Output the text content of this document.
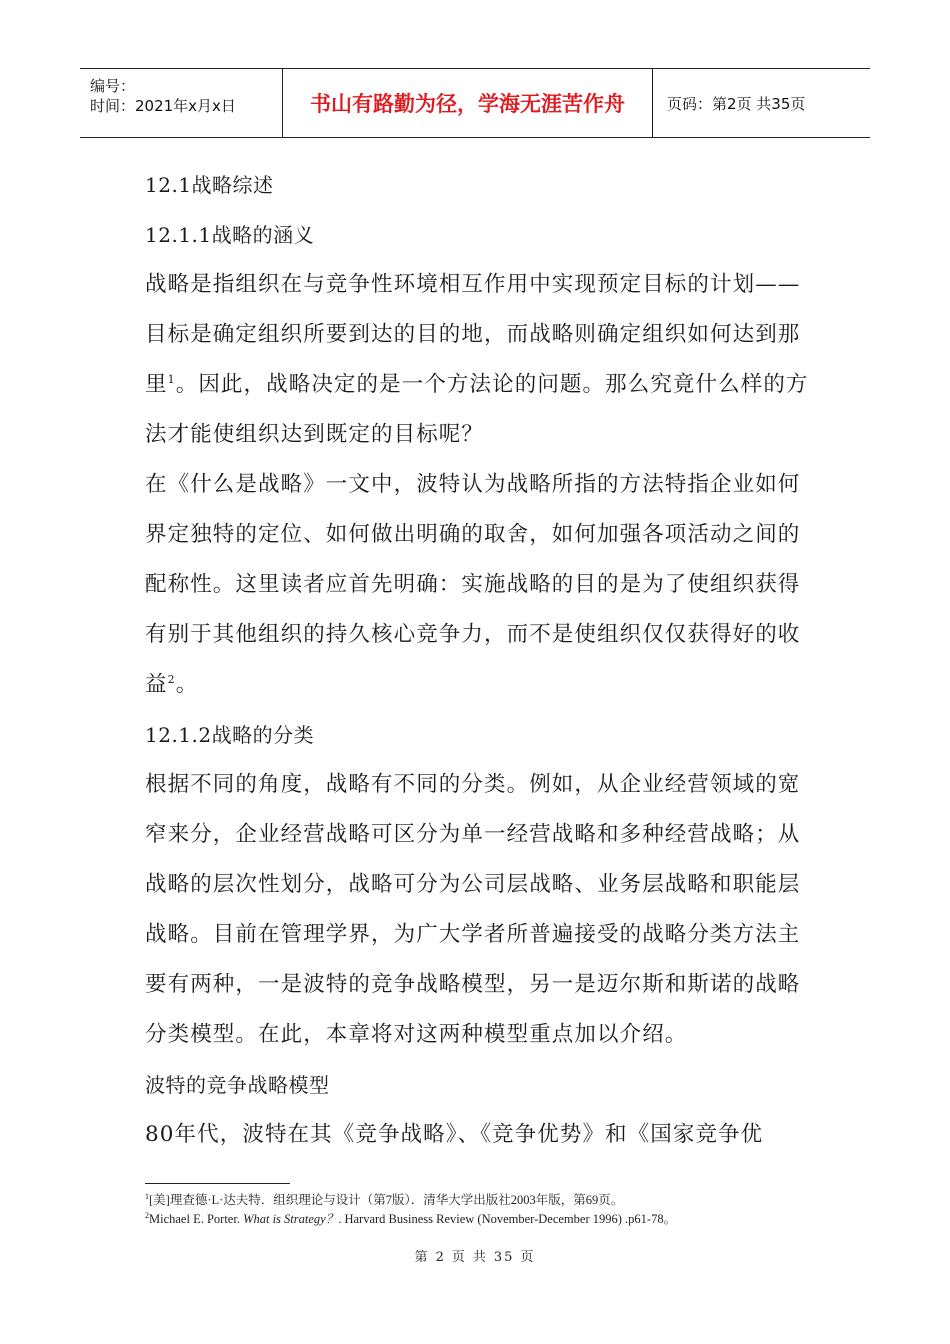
编号：
时间：2021年x月x日	书山有路勤为径，学海无涯苦作舟	页码：第2页 共35页
12.1战略综述
12.1.1战略的涵义
战略是指组织在与竞争性环境相互作用中实现预定目标的计划——
目标是确定组织所要到达的目的地，而战略则确定组织如何达到那
里$^1$。因此，战略决定的是一个方法论的问题。那么究竟什么样的方
法才能使组织达到既定的目标呢？
在《什么是战略》一文中，波特认为战略所指的方法特指企业如何
界定独特的定位、如何做出明确的取舍，如何加强各项活动之间的
配称性。这里读者应首先明确：实施战略的目的是为了使组织获得
有别于其他组织的持久核心竞争力，而不是使组织仅仅获得好的收
益$^2$。
12.1.2战略的分类
根据不同的角度，战略有不同的分类。例如，从企业经营领域的宽
窄来分，企业经营战略可区分为单一经营战略和多种经营战略；从
战略的层次性划分，战略可分为公司层战略、业务层战略和职能层
战略。目前在管理学界，为广大学者所普遍接受的战略分类方法主
要有两种，一是波特的竞争战略模型，另一是迈尔斯和斯诺的战略
分类模型。在此，本章将对这两种模型重点加以介绍。
波特的竞争战略模型
80年代，波特在其《竞争战略》、《竞争优势》和《国家竞争优
$^1$[美]理查德·L·达夫特．组织理论与设计（第7版）．清华大学出版社2003年版，第69页。
$^2$Michael E. Porter. What is Strategy？. Harvard Business Review (November-December 1996) .p61-78。
第 2 页 共 35 页
